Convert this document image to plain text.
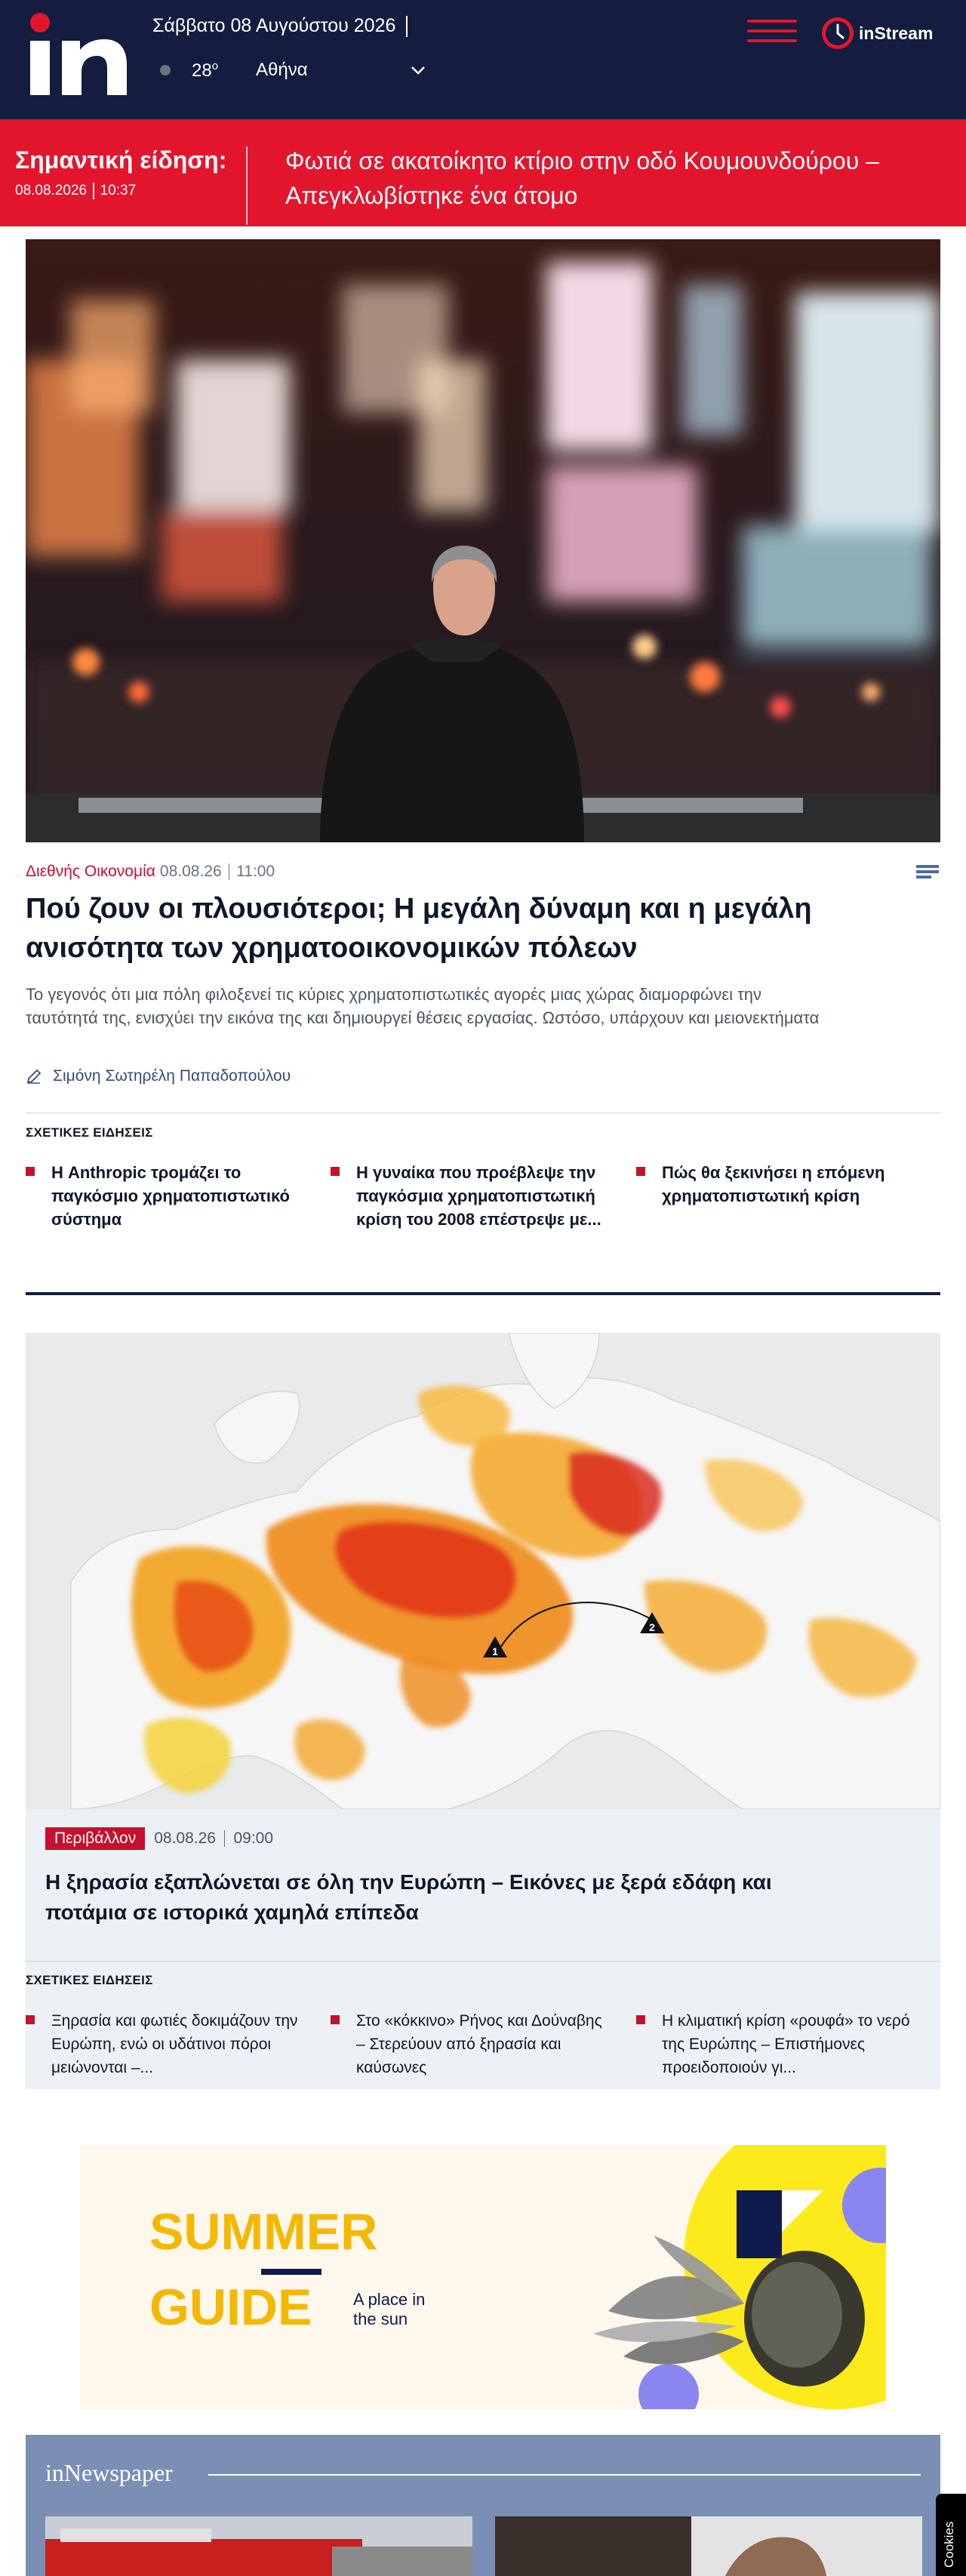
Σάββατο 08 Αυγούστου 2026
28$^o$ Αθήνα
inStream
Σημαντική είδηση:
08.08.2026 10:37
Φωτιά σε ακατοίκητο κτίριο στην οδό Κουμουνδούρου – Απεγκλωβίστηκε ένα άτομο
Διεθνής Οικονομία 08.08.26 11:00
Πού ζουν οι πλουσιότεροι; Η μεγάλη δύναμη και η μεγάλη ανισότητα των χρηματοοικονομικών πόλεων

Το γεγονός ότι μια πόλη φιλοξενεί τις κύριες χρηματοπιστωτικές αγορές μιας χώρας διαμορφώνει την ταυτότητά της, ενισχύει την εικόνα της και δημιουργεί θέσεις εργασίας. Ωστόσο, υπάρχουν και μειονεκτήματα

Σιμόνη Σωτηρέλη Παπαδοπούλου
ΣΧΕΤΙΚΕΣ ΕΙΔΗΣΕΙΣ
Η Anthropic τρομάζει το παγκόσμιο χρηματοπιστωτικό σύστημα
Η γυναίκα που προέβλεψε την παγκόσμια χρηματοπιστωτική κρίση του 2008 επέστρεψε με...
Πώς θα ξεκινήσει η επόμενη χρηματοπιστωτική κρίση
1
2
Περιβάλλον	08.08.26 09:00
Η ξηρασία εξαπλώνεται σε όλη την Ευρώπη – Εικόνες με ξερά εδάφη και ποτάμια σε ιστορικά χαμηλά επίπεδα
ΣΧΕΤΙΚΕΣ ΕΙΔΗΣΕΙΣ
Ξηρασία και φωτιές δοκιμάζουν την Ευρώπη, ενώ οι υδάτινοι πόροι μειώνονται –...
Στο «κόκκινο» Ρήνος και Δούναβης – Στερεύουν από ξηρασία και καύσωνες
Η κλιματική κρίση «ρουφά» το νερό της Ευρώπης – Επιστήμονες προειδοποιούν γι...
SUMMER
GUIDE A place in
the sun
inNewspaper
Cookies
